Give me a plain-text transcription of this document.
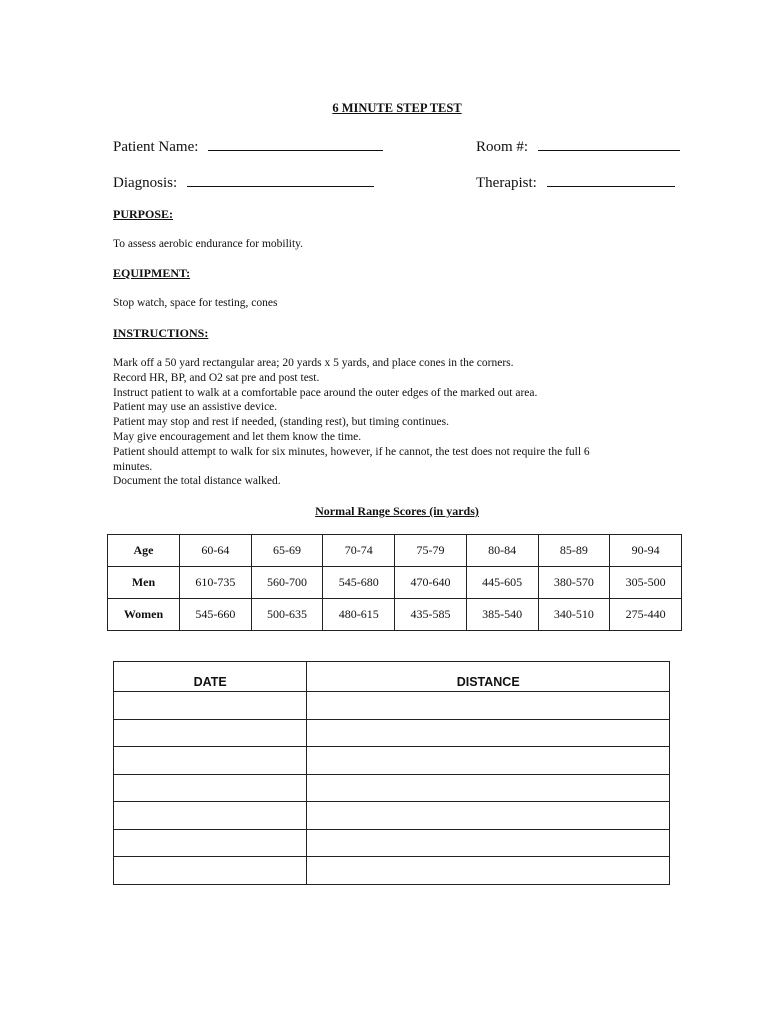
6 MINUTE STEP TEST
Patient Name:	Room #:
Diagnosis:	Therapist:
PURPOSE:
To assess aerobic endurance for mobility.
EQUIPMENT:
Stop watch, space for testing, cones
INSTRUCTIONS:
Mark off a 50 yard rectangular area; 20 yards x 5 yards, and place cones in the corners.
Record HR, BP, and O2 sat pre and post test.
Instruct patient to walk at a comfortable pace around the outer edges of the marked out area.
Patient may use an assistive device.
Patient may stop and rest if needed, (standing rest), but timing continues.
May give encouragement and let them know the time.
Patient should attempt to walk for six minutes, however, if he cannot, the test does not require the full 6
minutes.
Document the total distance walked.
Normal Range Scores (in yards)
Age	60-64	65-69	70-74	75-79	80-84	85-89	90-94
Men	610-735	560-700	545-680	470-640	445-605	380-570	305-500
Women	545-660	500-635	480-615	435-585	385-540	340-510	275-440
DATE	DISTANCE
